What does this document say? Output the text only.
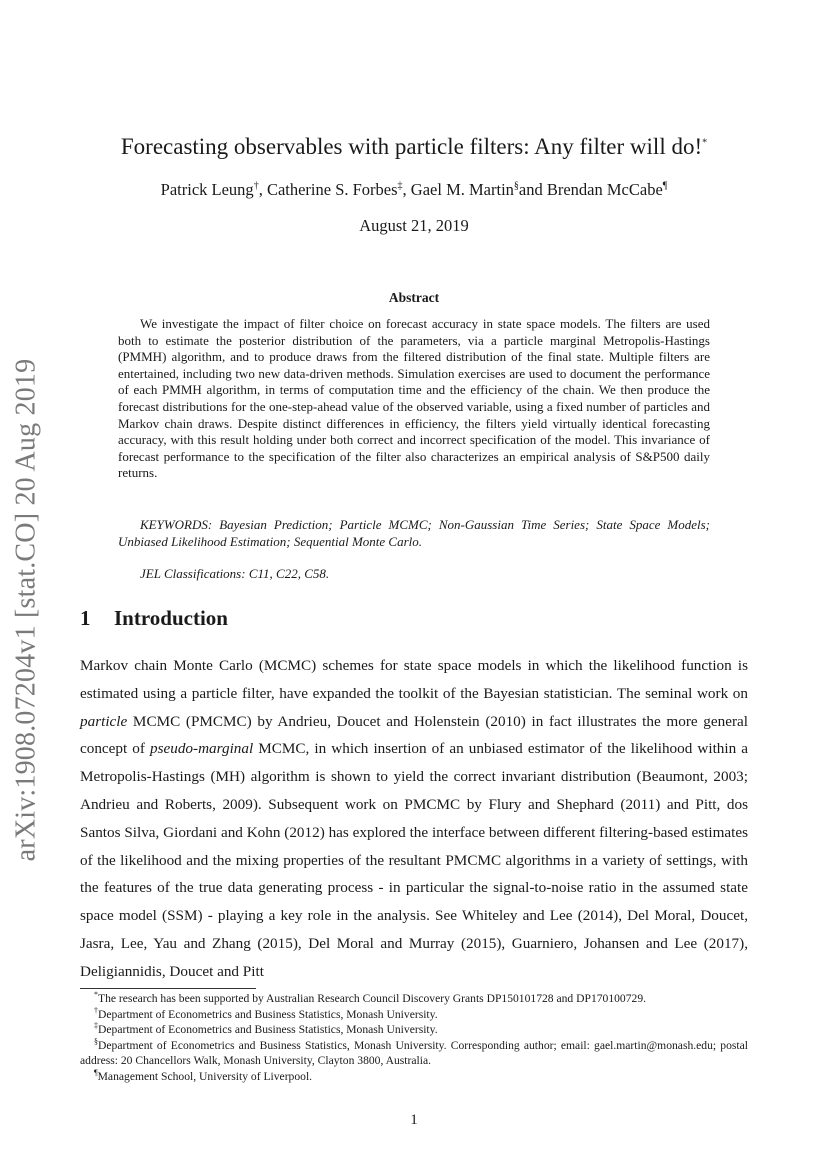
arXiv:1908.07204v1 [stat.CO] 20 Aug 2019
Forecasting observables with particle filters: Any filter will do!*
Patrick Leung†, Catherine S. Forbes‡, Gael M. Martin§and Brendan McCabe¶
August 21, 2019
Abstract

We investigate the impact of filter choice on forecast accuracy in state space models. The filters are used both to estimate the posterior distribution of the parameters, via a particle marginal Metropolis-Hastings (PMMH) algorithm, and to produce draws from the filtered distribution of the final state. Multiple filters are entertained, including two new data-driven methods. Simulation exercises are used to document the performance of each PMMH algorithm, in terms of computation time and the efficiency of the chain. We then produce the forecast distributions for the one-step-ahead value of the observed variable, using a fixed number of particles and Markov chain draws. Despite distinct differences in efficiency, the filters yield virtually identical forecasting accuracy, with this result holding under both correct and incorrect specification of the model. This invariance of forecast performance to the specification of the filter also characterizes an empirical analysis of S&P500 daily returns.

KEYWORDS: Bayesian Prediction; Particle MCMC; Non-Gaussian Time Series; State Space Models; Unbiased Likelihood Estimation; Sequential Monte Carlo.

JEL Classifications: C11, C22, C58.

1 Introduction

Markov chain Monte Carlo (MCMC) schemes for state space models in which the likelihood function is estimated using a particle filter, have expanded the toolkit of the Bayesian statistician. The seminal work on particle MCMC (PMCMC) by Andrieu, Doucet and Holenstein (2010) in fact illustrates the more general concept of pseudo-marginal MCMC, in which insertion of an unbiased estimator of the likelihood within a Metropolis-Hastings (MH) algorithm is shown to yield the correct invariant distribution (Beaumont, 2003; Andrieu and Roberts, 2009). Subsequent work on PMCMC by Flury and Shephard (2011) and Pitt, dos Santos Silva, Giordani and Kohn (2012) has explored the interface between different filtering-based estimates of the likelihood and the mixing properties of the resultant PMCMC algorithms in a variety of settings, with the features of the true data generating process - in particular the signal-to-noise ratio in the assumed state space model (SSM) - playing a key role in the analysis. See Whiteley and Lee (2014), Del Moral, Doucet, Jasra, Lee, Yau and Zhang (2015), Del Moral and Murray (2015), Guarniero, Johansen and Lee (2017), Deligiannidis, Doucet and Pitt

*The research has been supported by Australian Research Council Discovery Grants DP150101728 and DP170100729.

†Department of Econometrics and Business Statistics, Monash University.

‡Department of Econometrics and Business Statistics, Monash University.

§Department of Econometrics and Business Statistics, Monash University. Corresponding author; email: gael.martin@monash.edu; postal address: 20 Chancellors Walk, Monash University, Clayton 3800, Australia.

¶Management School, University of Liverpool.

1
